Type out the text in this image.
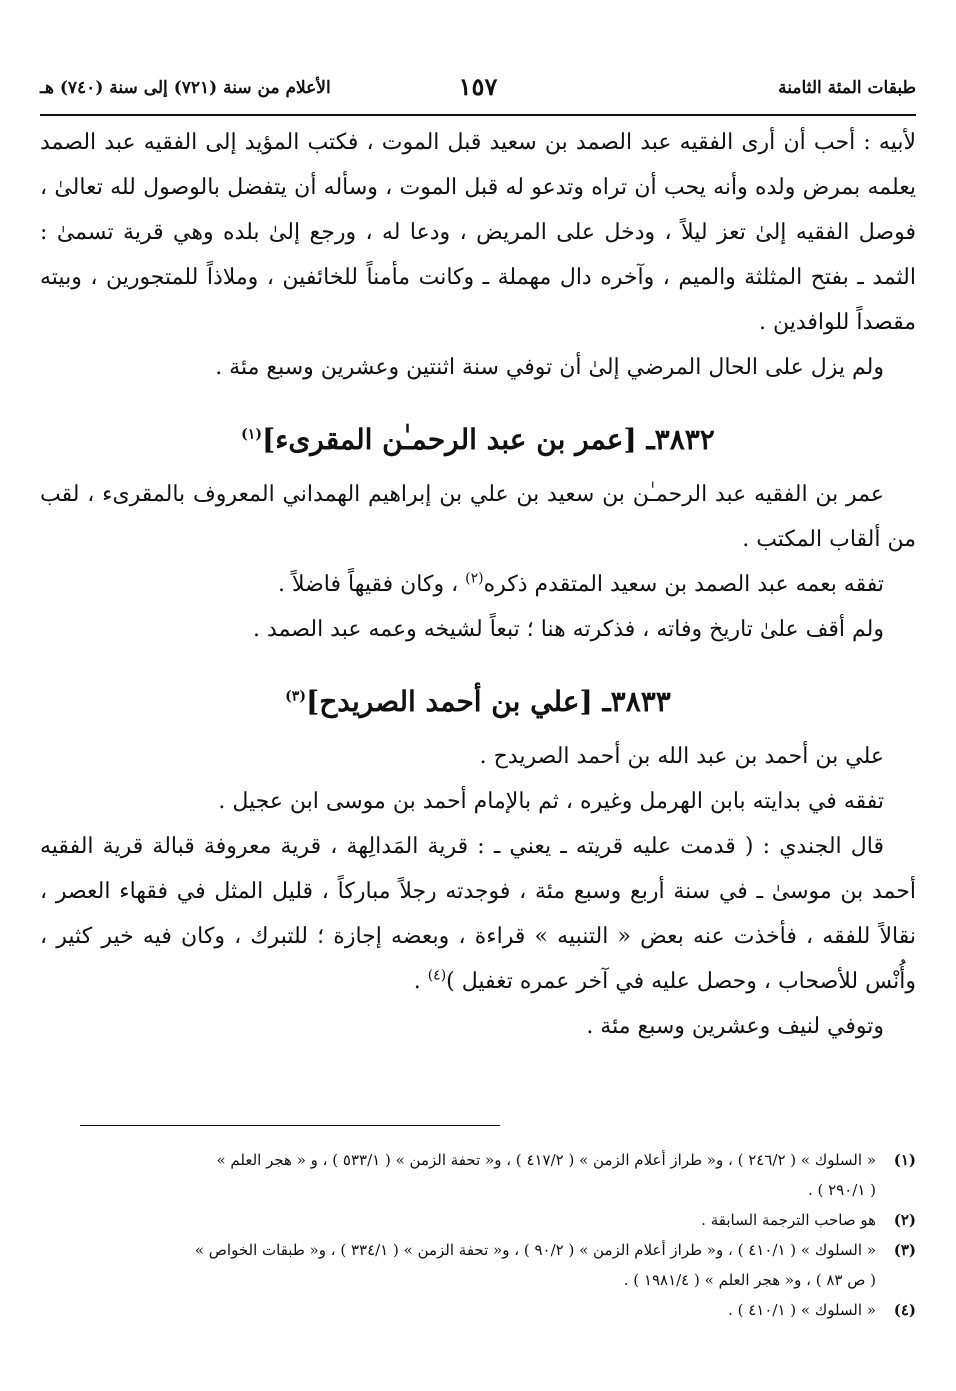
طبقات المئة الثامنة
١٥٧
الأعلام من سنة (٧٢١) إلى سنة (٧٤٠) هـ

لأبيه : أحب أن أرى الفقيه عبد الصمد بن سعيد قبل الموت ، فكتب المؤيد إلى الفقيه عبد الصمد يعلمه بمرض ولده وأنه يحب أن تراه وتدعو له قبل الموت ، وسأله أن يتفضل بالوصول لله تعالىٰ ، فوصل الفقيه إلىٰ تعز ليلاً ، ودخل على المريض ، ودعا له ، ورجع إلىٰ بلده وهي قرية تسمىٰ : الثمد ـ بفتح المثلثة والميم ، وآخره دال مهملة ـ وكانت مأمناً للخائفين ، وملاذاً للمتجورين ، وبيته مقصداً للوافدين .

ولم يزل على الحال المرضي إلىٰ أن توفي سنة اثنتين وعشرين وسبع مئة .

٣٨٣٢ـ [عمر بن عبد الرحمـٰن المقرىء]$^{(١)}$

عمر بن الفقيه عبد الرحمـٰن بن سعيد بن علي بن إبراهيم الهمداني المعروف بالمقرىء ، لقب من ألقاب المكتب .

تفقه بعمه عبد الصمد بن سعيد المتقدم ذكره$^{(٢)}$ ، وكان فقيهاً فاضلاً .

ولم أقف علىٰ تاريخ وفاته ، فذكرته هنا ؛ تبعاً لشيخه وعمه عبد الصمد .

٣٨٣٣ـ [علي بن أحمد الصريدح]$^{(٣)}$

علي بن أحمد بن عبد الله بن أحمد الصريدح .

تفقه في بدايته بابن الهرمل وغيره ، ثم بالإمام أحمد بن موسى ابن عجيل .

قال الجندي : ( قدمت عليه قريته ـ يعني ـ : قرية المَدالِهة ، قرية معروفة قبالة قرية الفقيه أحمد بن موسىٰ ـ في سنة أربع وسبع مئة ، فوجدته رجلاً مباركاً ، قليل المثل في فقهاء العصر ، نقالاً للفقه ، فأخذت عنه بعض « التنبيه » قراءة ، وبعضه إجازة ؛ للتبرك ، وكان فيه خير كثير ، وأُنْس للأصحاب ، وحصل عليه في آخر عمره تغفيل )$^{(٤)}$ .

وتوفي لنيف وعشرين وسبع مئة .

(١)
« السلوك » ( ٢٤٦/٢ ) ، و« طراز أعلام الزمن » ( ٤١٧/٢ ) ، و« تحفة الزمن » ( ٥٣٣/١ ) ، و « هجر العلم »
( ٢٩٠/١ ) .
(٢)
هو صاحب الترجمة السابقة .
(٣)
« السلوك » ( ٤١٠/١ ) ، و« طراز أعلام الزمن » ( ٩٠/٢ ) ، و« تحفة الزمن » ( ٣٣٤/١ ) ، و« طبقات الخواص »
( ص ٨٣ ) ، و« هجر العلم » ( ١٩٨١/٤ ) .
(٤)
« السلوك » ( ٤١٠/١ ) .
